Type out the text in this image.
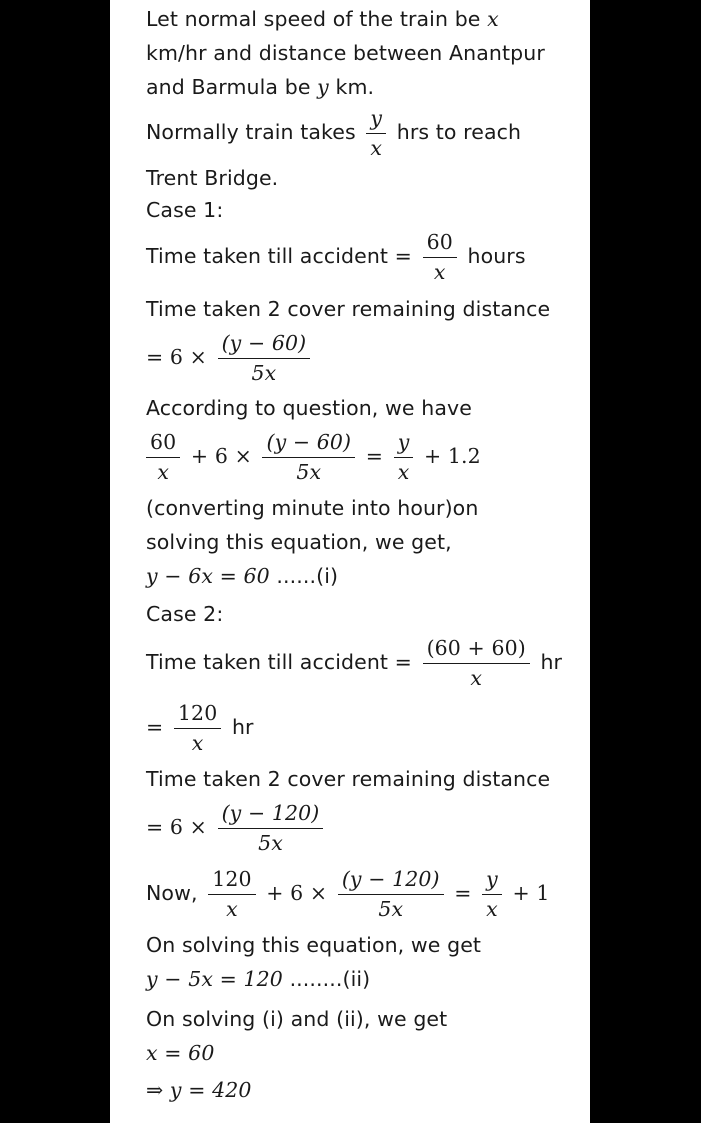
Let normal speed of the train be x
km/hr and distance between Anantpur
and Barmula be y km.
Normally train takes $\frac{y}{x}$ hrs to reach
Trent Bridge.
Case 1:
Time taken till accident = $\frac{60}{x}$ hours
Time taken 2 cover remaining distance
= $6 \times \frac{(y - 60)}{5x}$
According to question, we have
$\frac{60}{x} + 6 \times \frac{(y - 60)}{5x} = \frac{y}{x} + 1.2$
(converting minute into hour)on
solving this equation, we get,
y − 6x = 60 ......(i)
Case 2:
Time taken till accident = $\frac{(60 + 60)}{x}$ hr
= $\frac{120}{x}$ hr
Time taken 2 cover remaining distance
= $6 \times \frac{(y - 120)}{5x}$
Now, $\frac{120}{x} + 6 \times \frac{(y - 120)}{5x} = \frac{y}{x} + 1$
On solving this equation, we get
y − 5x = 120 ........(ii)
On solving (i) and (ii), we get
x = 60
⇒ y = 420
